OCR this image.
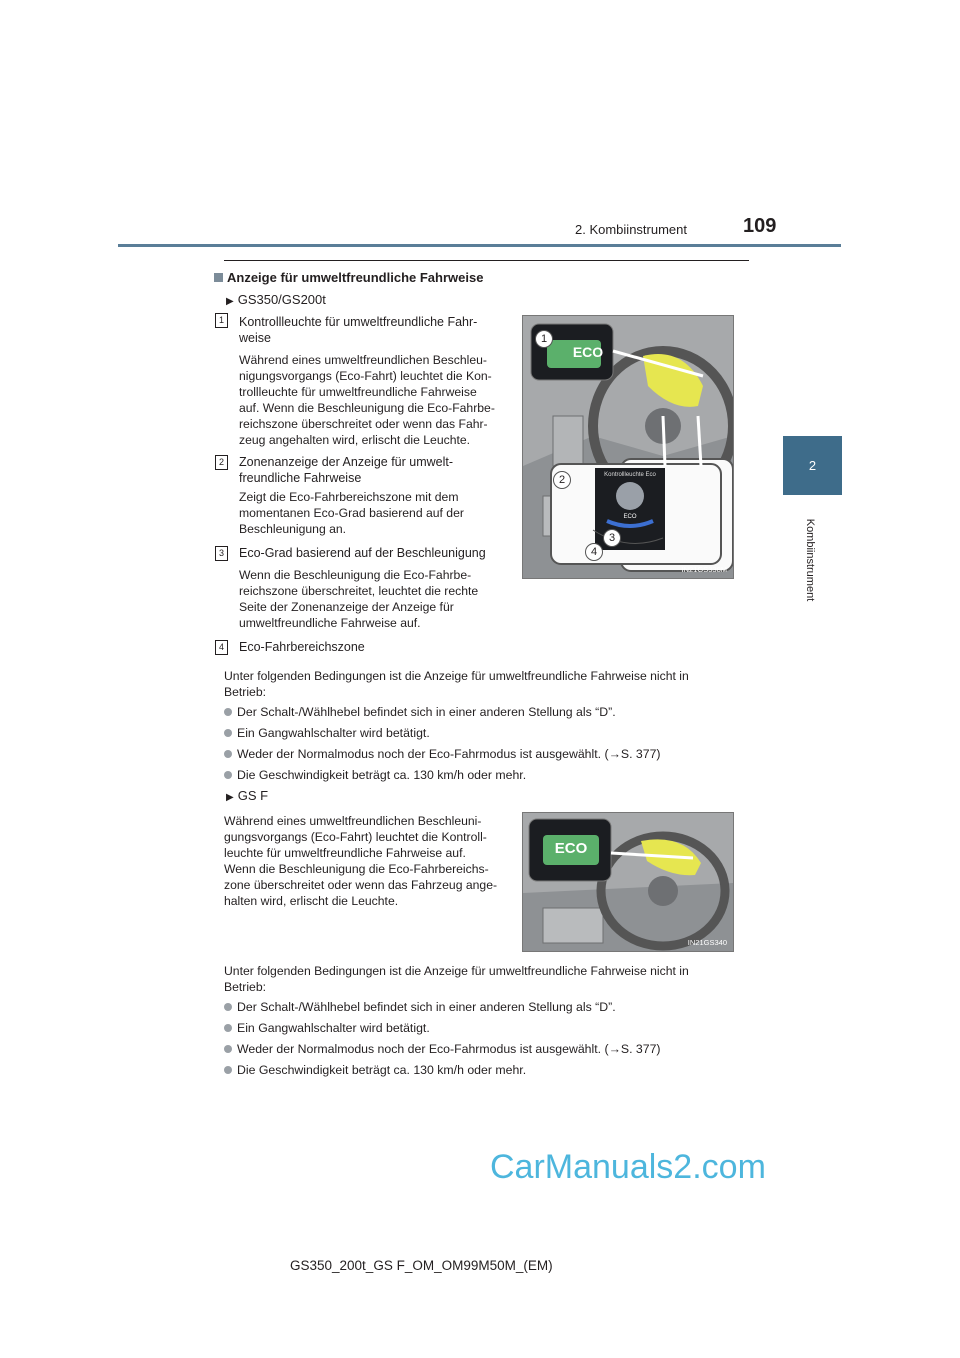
2. Kombiinstrument	109
2
Kombiinstrument
Anzeige für umweltfreundliche Fahrweise
▶ GS350/GS200t
1	Kontrollleuchte für umweltfreundliche Fahr-
weise
Während eines umweltfreundlichen Beschleu-
nigungsvorgangs (Eco-Fahrt) leuchtet die Kon-
trollleuchte für umweltfreundliche Fahrweise
auf. Wenn die Beschleunigung die Eco-Fahrbe-
reichszone überschreitet oder wenn das Fahr-
zeug angehalten wird, erlischt die Leuchte.
2	Zonenanzeige der Anzeige für umwelt-
freundliche Fahrweise
Zeigt die Eco-Fahrbereichszone mit dem
momentanen Eco-Grad basierend auf der
Beschleunigung an.
3	Eco-Grad basierend auf der Beschleunigung
Wenn die Beschleunigung die Eco-Fahrbe-
reichszone überschreitet, leuchtet die rechte
Seite der Zonenanzeige der Anzeige für
umweltfreundliche Fahrweise auf.
4	Eco-Fahrbereichszone
ECO
Kontrollleuchte Eco
ECO
1
2
3
4
IN21GS338M
Unter folgenden Bedingungen ist die Anzeige für umweltfreundliche Fahrweise nicht in
Betrieb:
Der Schalt-/Wählhebel befindet sich in einer anderen Stellung als “D”.
Ein Gangwahlschalter wird betätigt.
Weder der Normalmodus noch der Eco-Fahrmodus ist ausgewählt. (→S. 377)
Die Geschwindigkeit beträgt ca. 130 km/h oder mehr.
▶ GS F
Während eines umweltfreundlichen Beschleuni-
gungsvorgangs (Eco-Fahrt) leuchtet die Kontroll-
leuchte für umweltfreundliche Fahrweise auf.
Wenn die Beschleunigung die Eco-Fahrbereichs-
zone überschreitet oder wenn das Fahrzeug ange-
halten wird, erlischt die Leuchte.
ECO
IN21GS340
Unter folgenden Bedingungen ist die Anzeige für umweltfreundliche Fahrweise nicht in
Betrieb:
Der Schalt-/Wählhebel befindet sich in einer anderen Stellung als “D”.
Ein Gangwahlschalter wird betätigt.
Weder der Normalmodus noch der Eco-Fahrmodus ist ausgewählt. (→S. 377)
Die Geschwindigkeit beträgt ca. 130 km/h oder mehr.
CarManuals2.com
GS350_200t_GS F_OM_OM99M50M_(EM)
